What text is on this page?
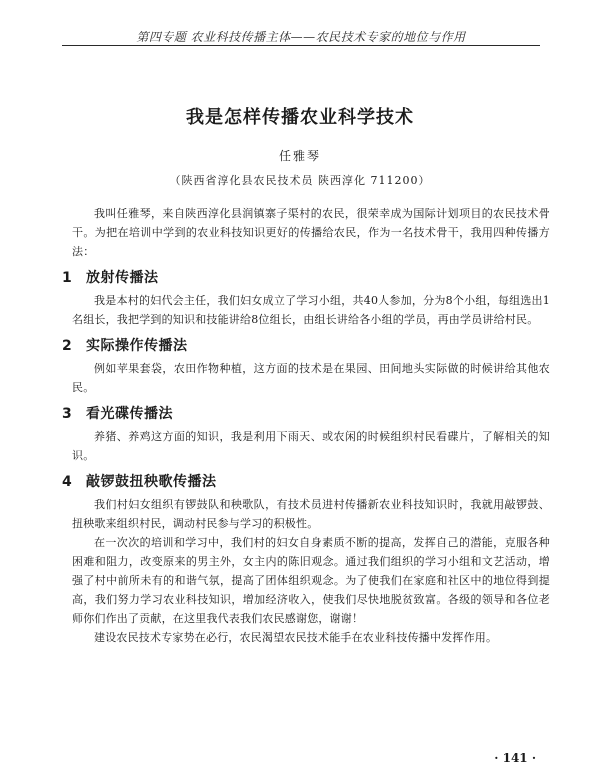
第四专题 农业科技传播主体——农民技术专家的地位与作用
我是怎样传播农业科学技术
任雅琴
（陕西省淳化县农民技术员 陕西淳化 711200）

我叫任雅琴，来自陕西淳化县润镇寨子渠村的农民，很荣幸成为国际计划项目的农民技术骨干。为把在培训中学到的农业科技知识更好的传播给农民，作为一名技术骨干，我用四种传播方法：

1	放射传播法

我是本村的妇代会主任，我们妇女成立了学习小组，共40人参加，分为8个小组，每组选出1名组长，我把学到的知识和技能讲给8位组长，由组长讲给各小组的学员，再由学员讲给村民。

2	实际操作传播法

例如苹果套袋，农田作物种植，这方面的技术是在果园、田间地头实际做的时候讲给其他农民。

3	看光碟传播法

养猪、养鸡这方面的知识，我是利用下雨天、或农闲的时候组织村民看碟片，了解相关的知识。

4	敲锣鼓扭秧歌传播法

我们村妇女组织有锣鼓队和秧歌队，有技术员进村传播新农业科技知识时，我就用敲锣鼓、扭秧歌来组织村民，调动村民参与学习的积极性。

在一次次的培训和学习中，我们村的妇女自身素质不断的提高，发挥自己的潜能，克服各种困难和阻力，改变原来的男主外，女主内的陈旧观念。通过我们组织的学习小组和文艺活动，增强了村中前所未有的和谐气氛，提高了团体组织观念。为了使我们在家庭和社区中的地位得到提高，我们努力学习农业科技知识，增加经济收入，使我们尽快地脱贫致富。各级的领导和各位老师你们作出了贡献，在这里我代表我们农民感谢您，谢谢！

建设农民技术专家势在必行，农民渴望农民技术能手在农业科技传播中发挥作用。

· 141 ·
